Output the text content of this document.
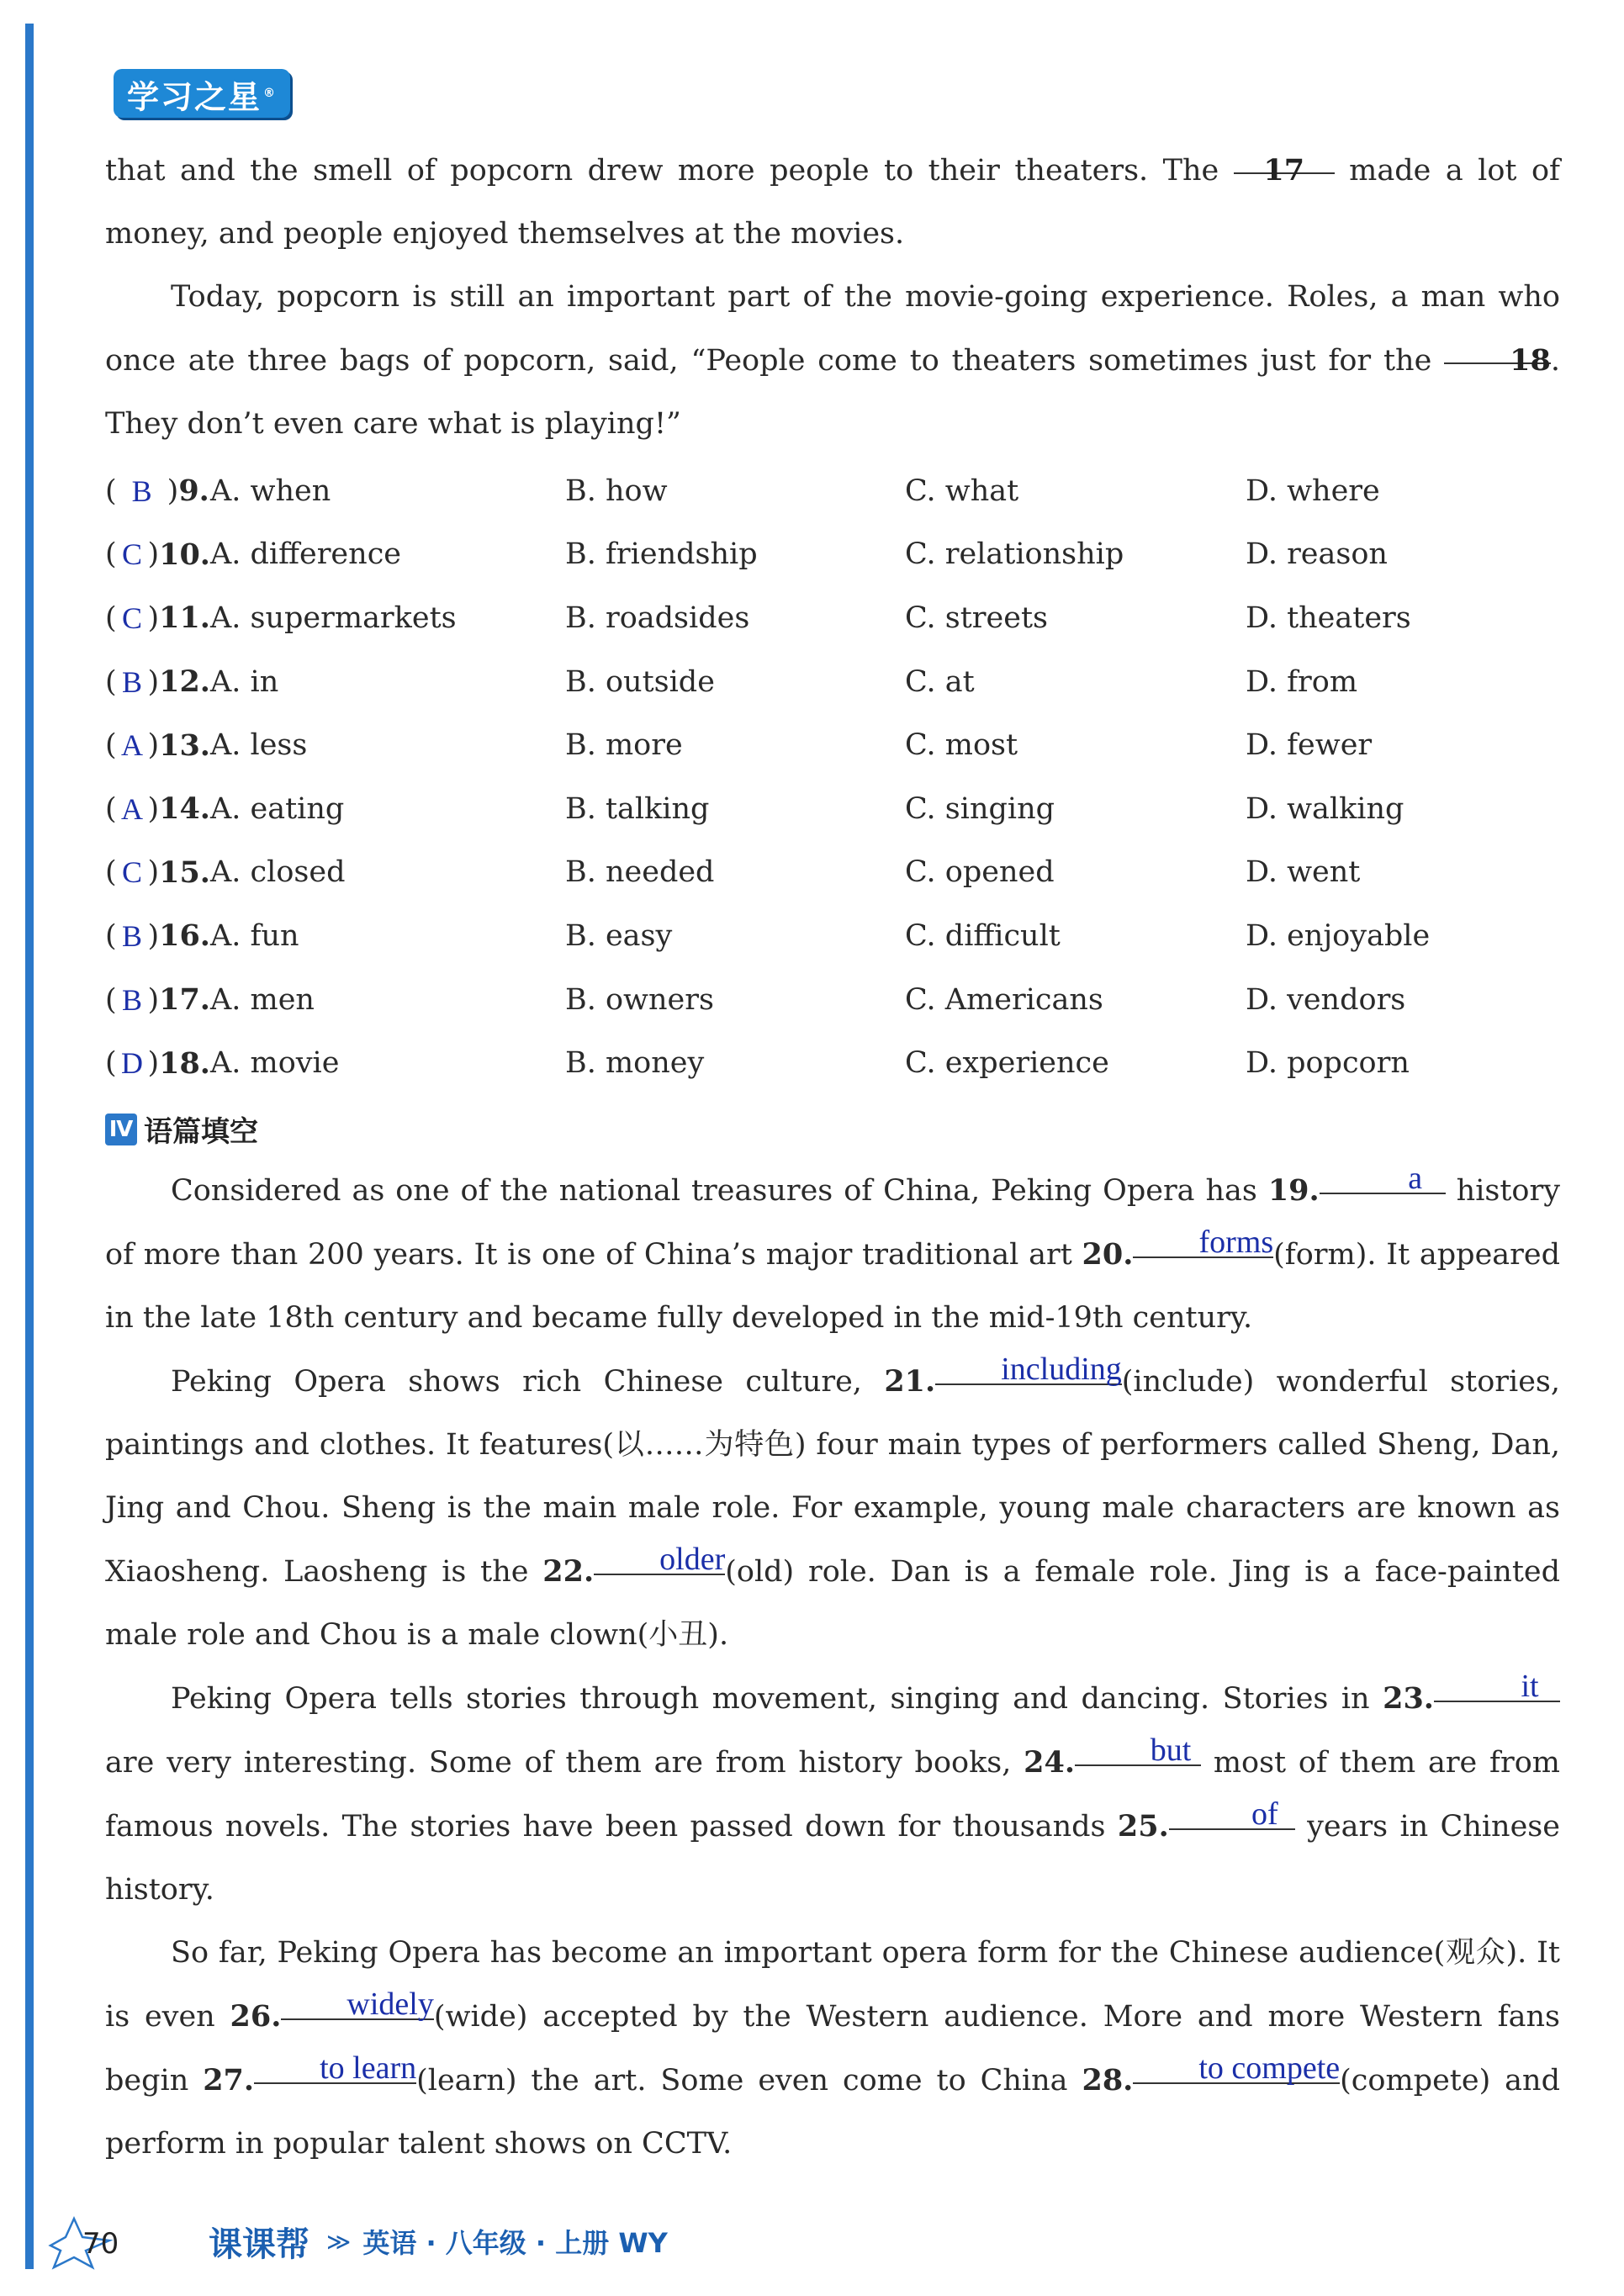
学习之星 ®

that and the smell of popcorn drew more people to their theaters. The 17 made a lot of money, and people enjoyed themselves at the movies.

Today, popcorn is still an important part of the movie-going experience. Roles, a man who once ate three bags of popcorn, said, “People come to theaters sometimes just for the 18. They don’t even care what is playing!”

( B ) 9. A. when	B. how	C. what	D. where
( C ) 10. A. difference	B. friendship	C. relationship	D. reason
( C ) 11. A. supermarkets	B. roadsides	C. streets	D. theaters
( B ) 12. A. in	B. outside	C. at	D. from
( A ) 13. A. less	B. more	C. most	D. fewer
( A ) 14. A. eating	B. talking	C. singing	D. walking
( C ) 15. A. closed	B. needed	C. opened	D. went
( B ) 16. A. fun	B. easy	C. difficult	D. enjoyable
( B ) 17. A. men	B. owners	C. Americans	D. vendors
( D ) 18. A. movie	B. money	C. experience	D. popcorn
Ⅳ 语篇填空

Considered as one of the national treasures of China, Peking Opera has 19.	a history of more than 200 years. It is one of China’s major traditional art 20. forms(form). It appeared in the late 18th century and became fully developed in the mid-19th century.

Peking Opera shows rich Chinese culture, 21. including(include) wonderful stories, paintings and clothes. It features(以……为特色) four main types of performers called Sheng, Dan, Jing and Chou. Sheng is the main male role. For example, young male characters are known as Xiaosheng. Laosheng is the 22. older(old) role. Dan is a female role. Jing is a face-painted male role and Chou is a male clown(小丑).

Peking Opera tells stories through movement, singing and dancing. Stories in 23.	it are very interesting. Some of them are from history books, 24. but most of them are from famous novels. The stories have been passed down for thousands 25.	of years in Chinese history.

So far, Peking Opera has become an important opera form for the Chinese audience(观众). It is even 26. widely(wide) accepted by the Western audience. More and more Western fans begin 27. to learn(learn) the art. Some even come to China 28. to compete(compete) and perform in popular talent shows on CCTV.

70	课课帮 ≫ 英语 · 八年级 · 上册 WY
